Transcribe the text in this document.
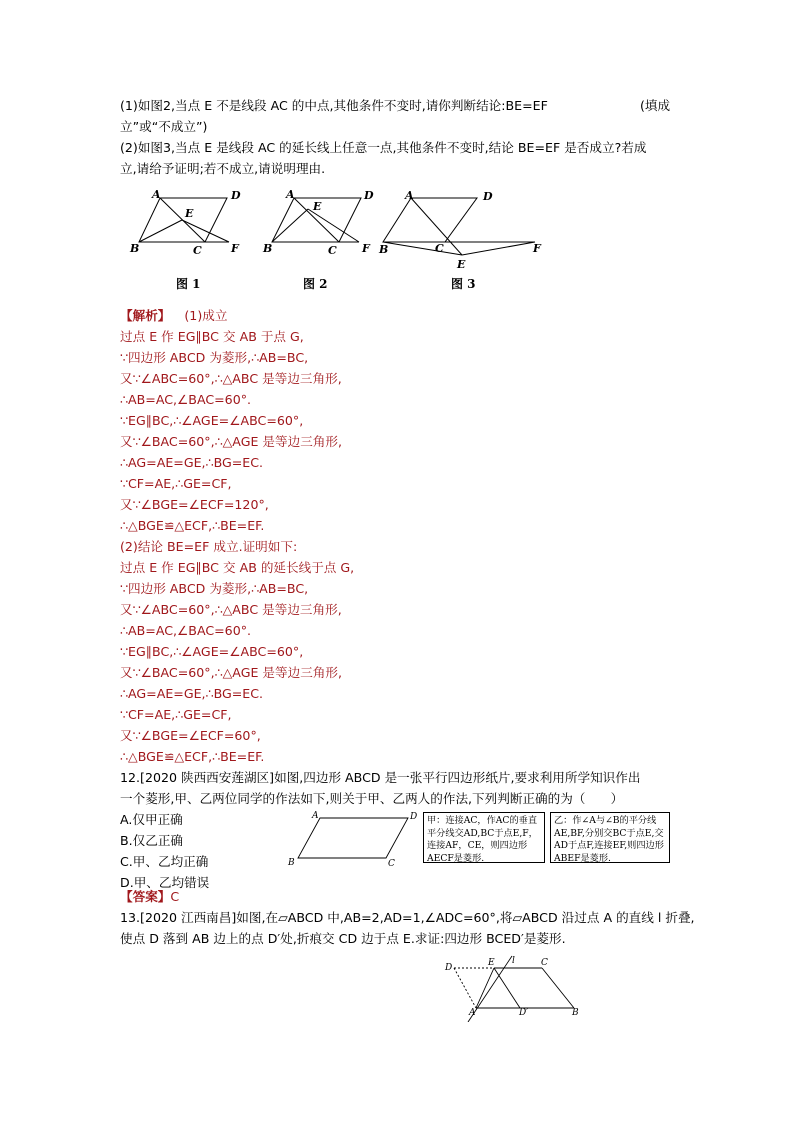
(1)如图2,当点 E 不是线段 AC 的中点,其他条件不变时,请你判断结论:BE=EF	(填成
立”或“不成立”)
(2)如图3,当点 E 是线段 AC 的延长线上任意一点,其他条件不变时,结论 BE=EF 是否成立?若成
立,请给予证明;若不成立,请说明理由.
A	D
E
B	C	F
图 1
A	D
E
B	C F
图 2
A	D
B	C
E
F
图 3
【解析】 (1)成立
过点 E 作 EG∥BC 交 AB 于点 G,
∵四边形 ABCD 为菱形,∴AB=BC,
又∵∠ABC=60°,∴△ABC 是等边三角形,
∴AB=AC,∠BAC=60°.
∵EG∥BC,∴∠AGE=∠ABC=60°,
又∵∠BAC=60°,∴△AGE 是等边三角形,
∴AG=AE=GE,∴BG=EC.
∵CF=AE,∴GE=CF,
又∵∠BGE=∠ECF=120°,
∴△BGE≌△ECF,∴BE=EF.
(2)结论 BE=EF 成立.证明如下:
过点 E 作 EG∥BC 交 AB 的延长线于点 G,
∵四边形 ABCD 为菱形,∴AB=BC,
又∵∠ABC=60°,∴△ABC 是等边三角形,
∴AB=AC,∠BAC=60°.
∵EG∥BC,∴∠AGE=∠ABC=60°,
又∵∠BAC=60°,∴△AGE 是等边三角形,
∴AG=AE=GE,∴BG=EC.
∵CF=AE,∴GE=CF,
又∵∠BGE=∠ECF=60°,
∴△BGE≌△ECF,∴BE=EF.
12.[2020 陕西西安莲湖区]如图,四边形 ABCD 是一张平行四边形纸片,要求利用所学知识作出
一个菱形,甲、乙两位同学的作法如下,则关于甲、乙两人的作法,下列判断正确的为（　　）
A.仅甲正确
B.仅乙正确
C.甲、乙均正确
D.甲、乙均错误
A	D
B	C
甲：连接AC，作AC的垂直平分线交AD,BC于点E,F，连接AF，CE，则四边形AECF是菱形.
乙：作∠A与∠B的平分线AE,BF,分别交BC于点E,交AD于点F,连接EF,则四边形ABEF是菱形.
【答案】C
13.[2020 江西南昌]如图,在▱ABCD 中,AB=2,AD=1,∠ADC=60°,将▱ABCD 沿过点 A 的直线 l 折叠,
使点 D 落到 AB 边上的点 D′处,折痕交 CD 边于点 E.求证:四边形 BCED′是菱形.
D	E l	C
A	D′	B
